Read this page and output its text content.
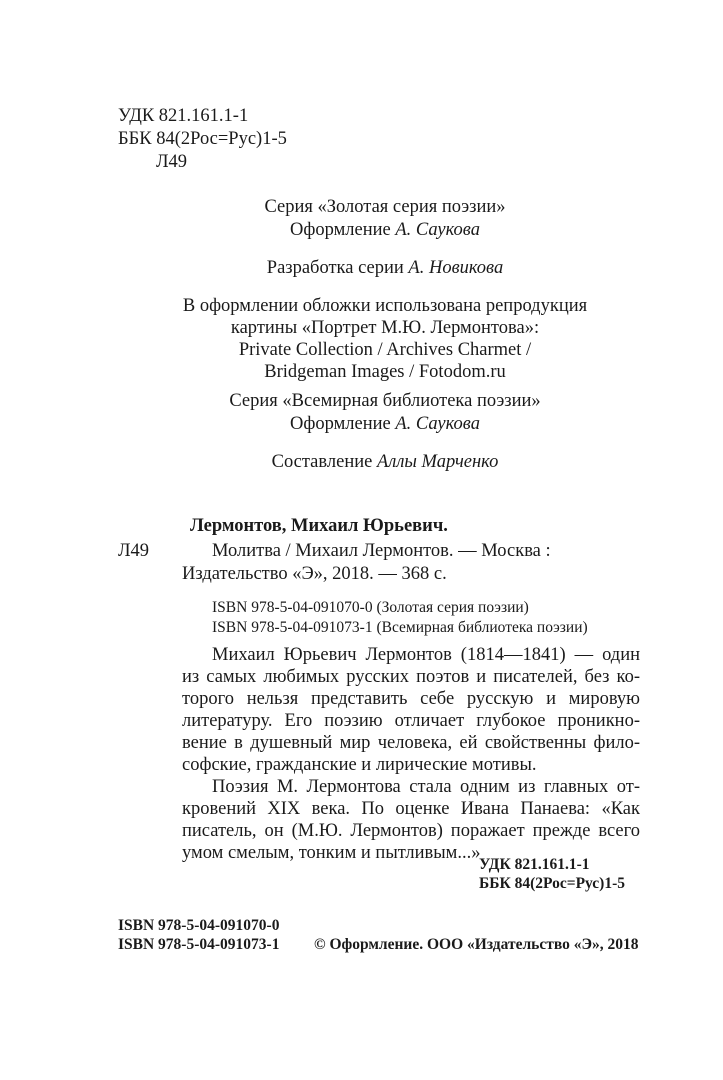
УДК 821.161.1-1
ББК 84(2Рос=Рус)1-5
Л49
Серия «Золотая серия поэзии»
Оформление А. Саукова
Разработка серии А. Новикова
В оформлении обложки использована репродукция
картины «Портрет М.Ю. Лермонтова»:
Private Collection / Archives Charmet /
Bridgeman Images / Fotodom.ru
Серия «Всемирная библиотека поэзии»
Оформление А. Саукова
Составление Аллы Марченко
Лермонтов, Михаил Юрьевич.
Л49	Молитва / Михаил Лермонтов. — Москва :
Издательство «Э», 2018. — 368 с.
ISBN 978-5-04-091070-0 (Золотая серия поэзии)
ISBN 978-5-04-091073-1 (Всемирная библиотека поэзии)
Михаил Юрьевич Лермонтов (1814—1841) — один
из самых любимых русских поэтов и писателей, без ко-
торого нельзя представить себе русскую и мировую
литературу. Его поэзию отличает глубокое проникно-
вение в душевный мир человека, ей свойственны фило-
софские, гражданские и лирические мотивы.
Поэзия М. Лермонтова стала одним из главных от-
кровений XIX века. По оценке Ивана Панаева: «Как
писатель, он (М.Ю. Лермонтов) поражает прежде всего
умом смелым, тонким и пытливым...»
УДК 821.161.1-1
ББК 84(2Рос=Рус)1-5
ISBN 978-5-04-091070-0
ISBN 978-5-04-091073-1 © Оформление. ООО «Издательство «Э», 2018
